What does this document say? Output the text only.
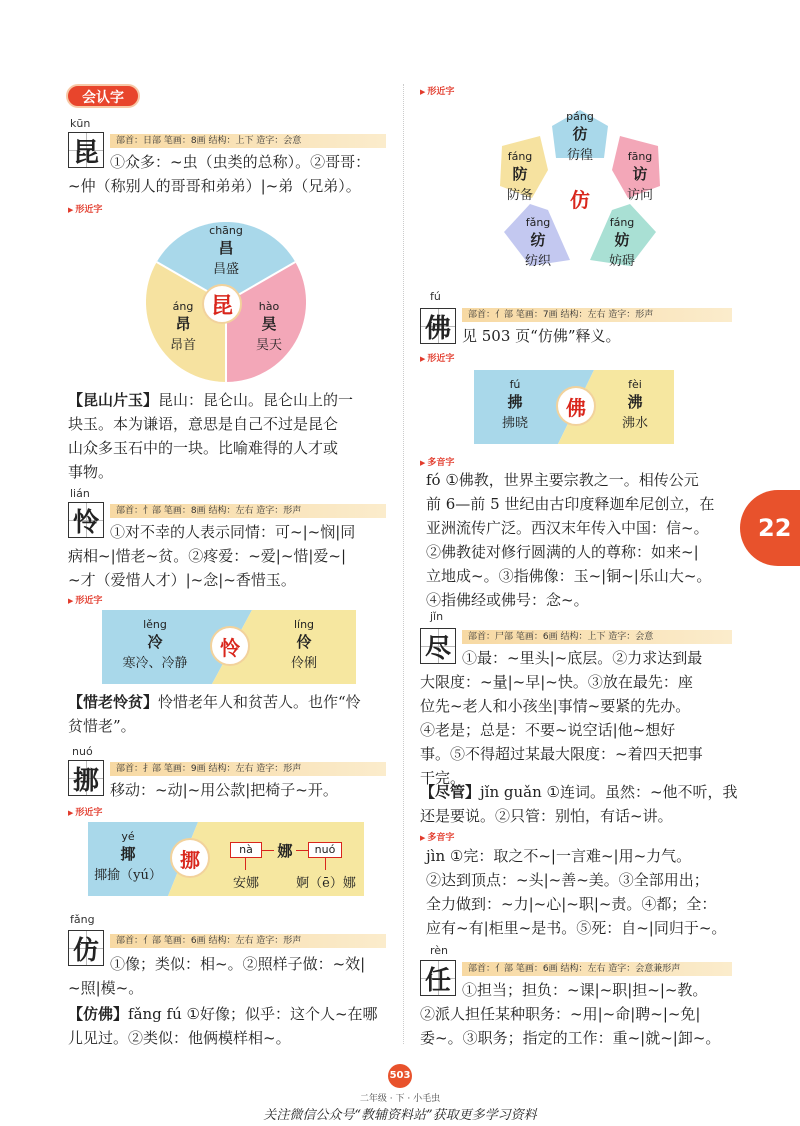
会认字
kūn
昆	部首：日部 笔画：8画 结构：上下 造字：会意
①众多：~虫（虫类的总称）。②哥哥：
~仲（称别人的哥哥和弟弟）|~弟（兄弟）。
▶ 形近字
昆
chāng
昌
昌盛
áng
昂
昂首
hào
昊
昊天
【昆山片玉】昆山：昆仑山。昆仑山上的一
块玉。本为谦语，意思是自己不过是昆仑
山众多玉石中的一块。比喻难得的人才或
事物。
lián
怜	部首：忄部 笔画：8画 结构：左右 造字：形声
①对不幸的人表示同情：可~|~悯|同
病相~|惜老~贫。②疼爱：~爱|~惜|爱~|
~才（爱惜人才）|~念|~香惜玉。
▶ 形近字
怜
lěng
冷
寒冷、冷静
líng
伶
伶俐
【惜老怜贫】怜惜老年人和贫苦人。也作“怜
贫惜老”。
nuó
挪	部首：扌部 笔画：9画 结构：左右 造字：形声
移动：~动|~用公款|把椅子~开。
▶ 形近字
挪
yé
揶
揶揄（yú）
nà	娜	nuó
安娜	婀（ē）娜
fǎng
仿	部首：亻部 笔画：6画 结构：左右 造字：形声
①像；类似：相~。②照样子做：~效|
~照|模~。
【仿佛】fǎng fú ①好像；似乎：这个人~在哪
儿见过。②类似：他俩模样相~。
▶ 形近字
仿
páng
彷
彷徨	fāng
访
访问
fáng
妨
妨碍
fǎng
纺
纺织
fáng
防
防备
fú
佛	部首：亻部 笔画：7画 结构：左右 造字：形声
见 503 页“仿佛”释义。
▶ 形近字
佛
fú
拂
拂晓
fèi
沸
沸水
▶ 多音字
fó ①佛教，世界主要宗教之一。相传公元
前 6—前 5 世纪由古印度释迦牟尼创立，在
亚洲流传广泛。西汉末年传入中国：信~。
②佛教徒对修行圆满的人的尊称：如来~|
立地成~。③指佛像：玉~|铜~|乐山大~。
④指佛经或佛号：念~。
jǐn
尽	部首：尸部 笔画：6画 结构：上下 造字：会意
①最：~里头|~底层。②力求达到最
大限度：~量|~早|~快。③放在最先：座
位先~老人和小孩坐|事情~要紧的先办。
④老是；总是：不要~说空话|他~想好
事。⑤不得超过某最大限度：~着四天把事
干完。
【尽管】jǐn guǎn ①连词。虽然：~他不听，我
还是要说。②只管：别怕，有话~讲。
▶ 多音字
jìn ①完：取之不~|一言难~|用~力气。
②达到顶点：~头|~善~美。③全部用出；
全力做到：~力|~心|~职|~责。④都；全：
应有~有|柜里~是书。⑤死：自~|同归于~。
rèn
任	部首：亻部 笔画：6画 结构：左右 造字：会意兼形声
①担当；担负：~课|~职|担~|~教。
②派人担任某种职务：~用|~命|聘~|~免|
委~。③职务；指定的工作：重~|就~|卸~。
22
503
二年级 · 下 · 小毛虫
关注微信公众号“教辅资料站”获取更多学习资料
